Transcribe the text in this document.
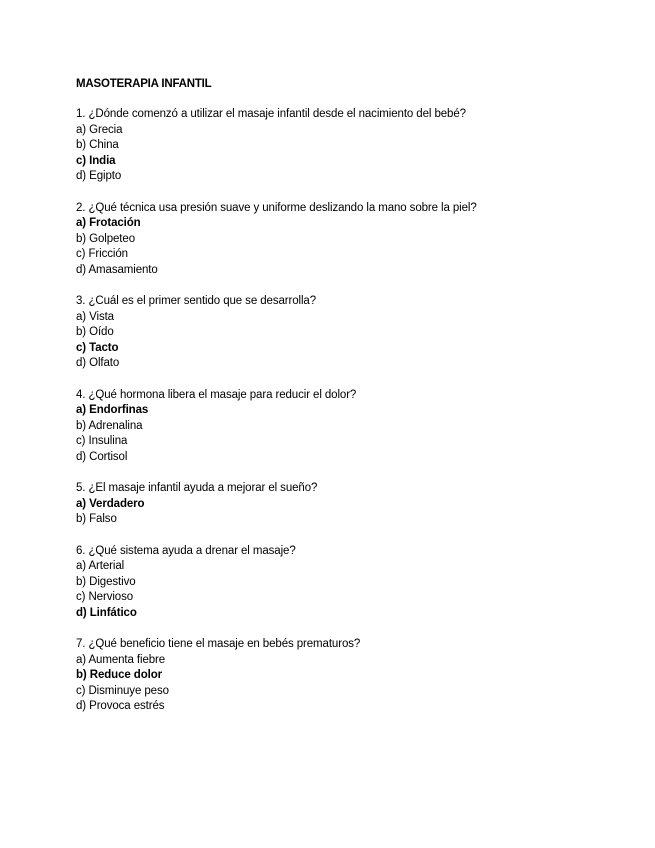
MASOTERAPIA INFANTIL
1. ¿Dónde comenzó a utilizar el masaje infantil desde el nacimiento del bebé?
a) Grecia
b) China
c) India
d) Egipto
2. ¿Qué técnica usa presión suave y uniforme deslizando la mano sobre la piel?
a) Frotación
b) Golpeteo
c) Fricción
d) Amasamiento
3. ¿Cuál es el primer sentido que se desarrolla?
a) Vista
b) Oído
c) Tacto
d) Olfato
4. ¿Qué hormona libera el masaje para reducir el dolor?
a) Endorfinas
b) Adrenalina
c) Insulina
d) Cortisol
5. ¿El masaje infantil ayuda a mejorar el sueño?
a) Verdadero
b) Falso
6. ¿Qué sistema ayuda a drenar el masaje?
a) Arterial
b) Digestivo
c) Nervioso
d) Linfático
7. ¿Qué beneficio tiene el masaje en bebés prematuros?
a) Aumenta fiebre
b) Reduce dolor
c) Disminuye peso
d) Provoca estrés
